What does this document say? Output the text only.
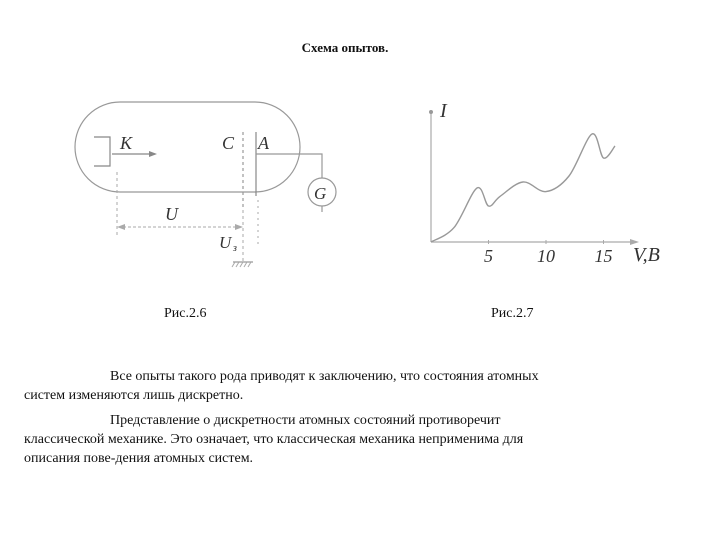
Схема опытов.
K	C A
G
U
U з
I
V,B
5 10 15
Рис.2.6	Рис.2.7
Все опыты такого рода приводят к заключению, что состояния атомных
систем изменяются лишь дискретно.
Представление о дискретности атомных состояний противоречит
классической механике. Это означает, что классическая механика неприменима для
описания пове-дения атомных систем.
